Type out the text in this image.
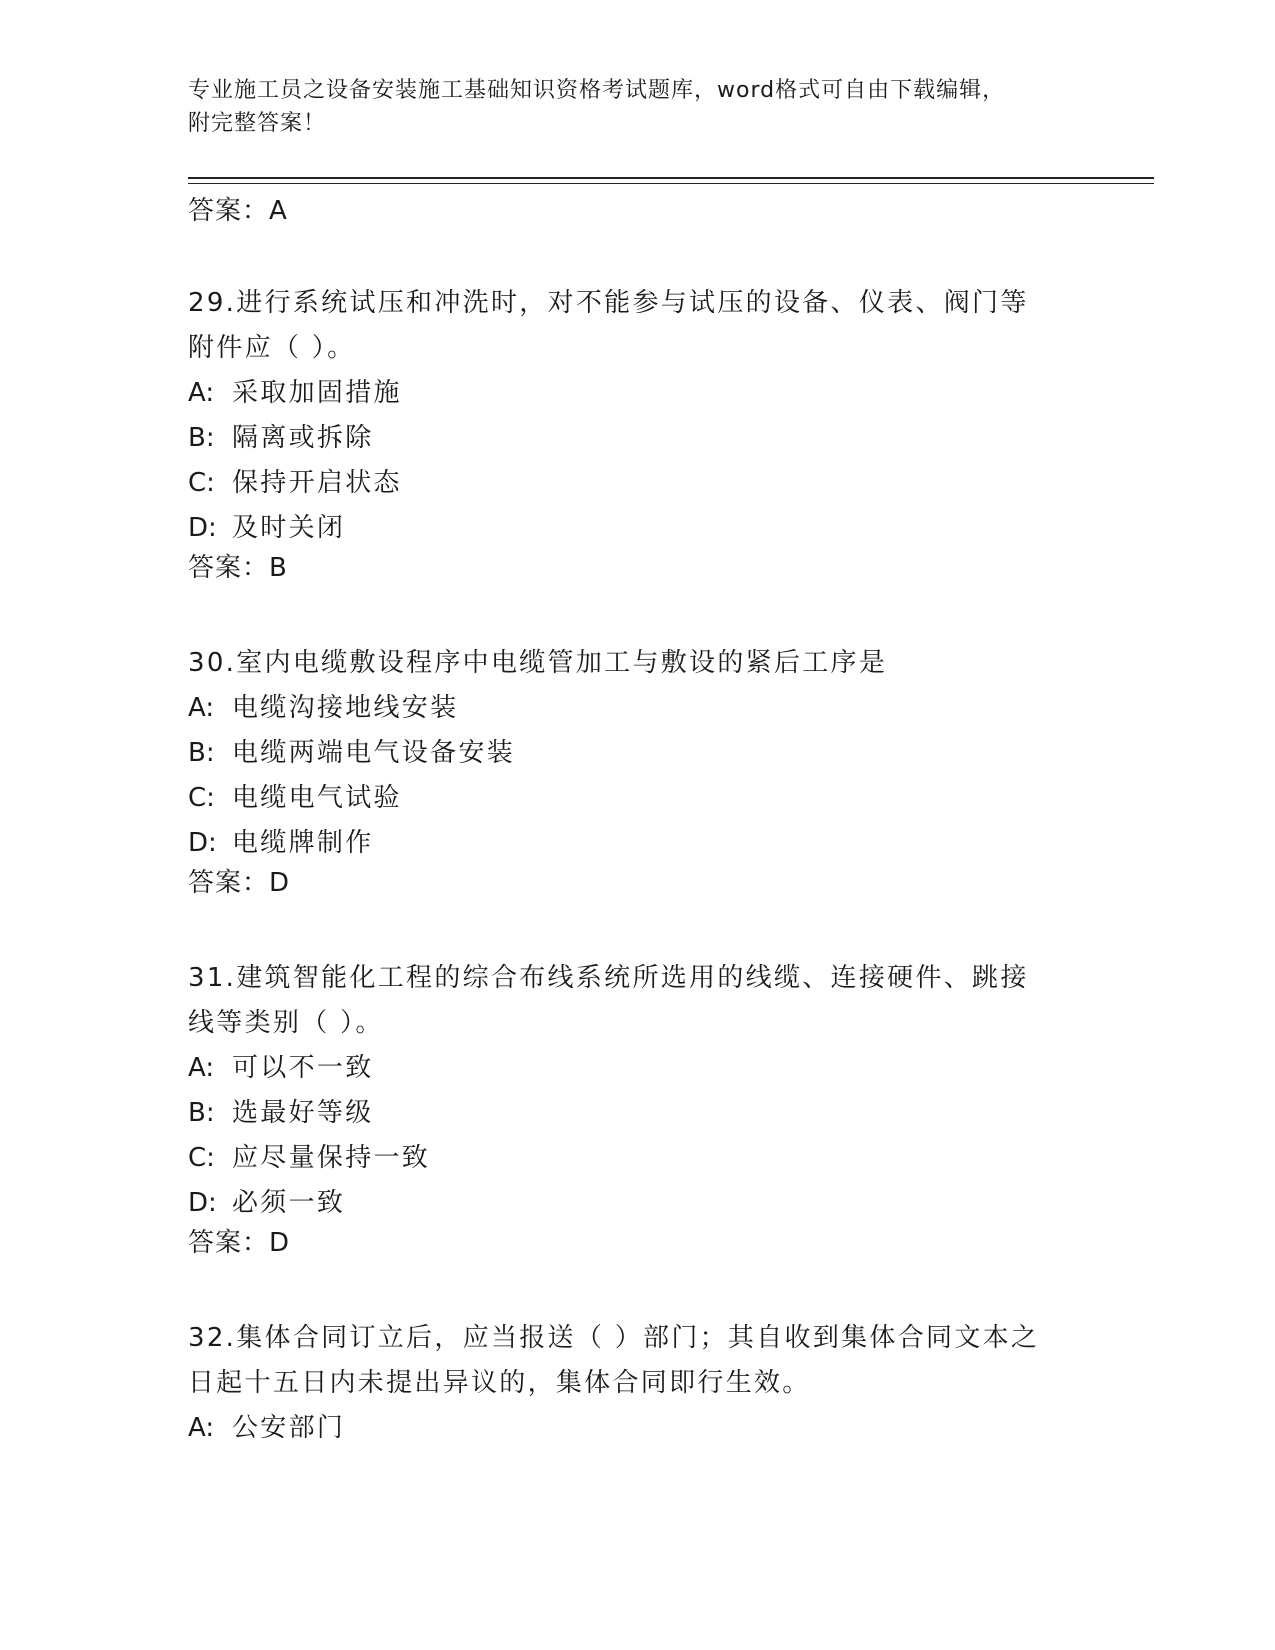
专业施工员之设备安装施工基础知识资格考试题库，word格式可自由下载编辑，
附完整答案！
答案：A
29.进行系统试压和冲洗时，对不能参与试压的设备、仪表、阀门等附件应（ ）。
A: 采取加固措施
B: 隔离或拆除
C: 保持开启状态
D: 及时关闭
答案：B
30.室内电缆敷设程序中电缆管加工与敷设的紧后工序是
A: 电缆沟接地线安装
B: 电缆两端电气设备安装
C: 电缆电气试验
D: 电缆牌制作
答案：D
31.建筑智能化工程的综合布线系统所选用的线缆、连接硬件、跳接线等类别（ ）。
A: 可以不一致
B: 选最好等级
C: 应尽量保持一致
D: 必须一致
答案：D
32.集体合同订立后，应当报送（ ）部门；其自收到集体合同文本之日起十五日内未提出异议的，集体合同即行生效。
A: 公安部门
